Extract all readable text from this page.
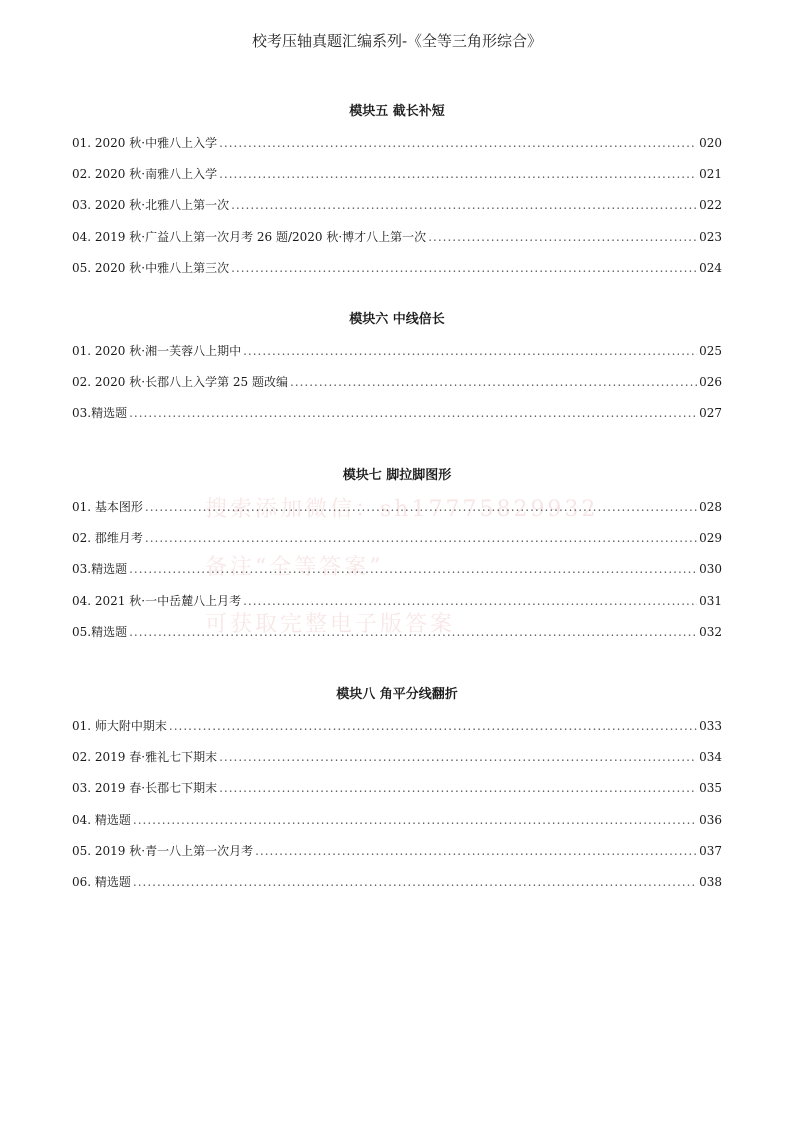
校考压轴真题汇编系列-《全等三角形综合》
模块五 截长补短
01. 2020 秋·中雅八上入学 .....	020
02. 2020 秋·南雅八上入学 .....	021
03. 2020 秋·北雅八上第一次 .....	022
04. 2019 秋·广益八上第一次月考 26 题/2020 秋·博才八上第一次 .....	023
05. 2020 秋·中雅八上第三次 .....	024
模块六 中线倍长
01. 2020 秋·湘一芙蓉八上期中 .....	025
02. 2020 秋·长郡八上入学第 25 题改编 .....	026
03.精选题 .....	027
模块七 脚拉脚图形
01. 基本图形 .....	028
02. 郡维月考 .....	029
03.精选题 .....	030
04. 2021 秋·一中岳麓八上月考 .....	031
05.精选题 .....	032
模块八 角平分线翻折
01. 师大附中期末 .....	033
02. 2019 春·雅礼七下期末 .....	034
03. 2019 春·长郡七下期末 .....	035
04. 精选题 .....	036
05. 2019 秋·青一八上第一次月考 .....	037
06. 精选题 .....	038
搜索添加微信：sh17775829932
备注“全等答案”
可获取完整电子版答案
